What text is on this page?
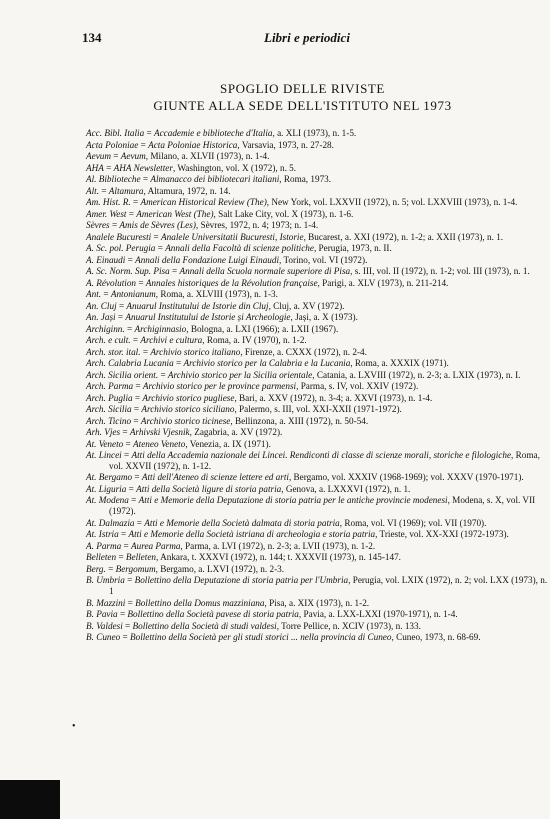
134	Libri e periodici
SPOGLIO DELLE RIVISTE
GIUNTE ALLA SEDE DELL'ISTITUTO NEL 1973
Acc. Bibl. Italia = Accademie e biblioteche d'Italia, a. XLI (1973), n. 1-5.
Acta Poloniae = Acta Poloniae Historica, Varsavia, 1973, n. 27-28.
Aevum = Aevum, Milano, a. XLVII (1973), n. 1-4.
AHA = AHA Newsletter, Washington, vol. X (1972), n. 5.
Al. Biblioteche = Almanacco dei bibliotecari italiani, Roma, 1973.
Alt. = Altamura, Altamura, 1972, n. 14.
Am. Hist. R. = American Historical Review (The), New York, vol. LXXVII (1972), n. 5; vol. LXXVIII (1973), n. 1-4.
Amer. West = American West (The), Salt Lake City, vol. X (1973), n. 1-6.
Sèvres = Amis de Sèvres (Les), Sèvres, 1972, n. 4; 1973; n. 1-4.
Analele Bucuresti = Analele Universitatii Bucuresti, Istorie, Bucarest, a. XXI (1972), n. 1-2; a. XXII (1973), n. 1.
A. Sc. pol. Perugia = Annali della Facoltà di scienze politiche, Perugia, 1973, n. II.
A. Einaudi = Annali della Fondazione Luigi Einaudi, Torino, vol. VI (1972).
A. Sc. Norm. Sup. Pisa = Annali della Scuola normale superiore di Pisa, s. III, vol. II (1972), n. 1-2; vol. III (1973), n. 1.
A. Révolution = Annales historiques de la Révolution française, Parigi, a. XLV (1973), n. 211-214.
Ant. = Antonianum, Roma, a. XLVIII (1973), n. 1-3.
An. Cluj = Anuarul Institutului de Istorie din Cluj, Cluj, a. XV (1972).
An. Jași = Anuarul Institutului de Istorie și Archeologie, Jași, a. X (1973).
Archiginn. = Archiginnasio, Bologna, a. LXI (1966); a. LXII (1967).
Arch. e cult. = Archivi e cultura, Roma, a. IV (1970), n. 1-2.
Arch. stor. ital. = Archivio storico italiano, Firenze, a. CXXX (1972), n. 2-4.
Arch. Calabria Lucania = Archivio storico per la Calabria e la Lucania, Roma, a. XXXIX (1971).
Arch. Sicilia orient. = Archivio storico per la Sicilia orientale, Catania, a. LXVIII (1972), n. 2-3; a. LXIX (1973), n. I.
Arch. Parma = Archivio storico per le province parmensi, Parma, s. IV, vol. XXIV (1972).
Arch. Puglia = Archivio storico pugliese, Bari, a. XXV (1972), n. 3-4; a. XXVI (1973), n. 1-4.
Arch. Sicilia = Archivio storico siciliano, Palermo, s. III, vol. XXI-XXII (1971-1972).
Arch. Ticino = Archivio storico ticinese, Bellinzona, a. XIII (1972), n. 50-54.
Arh. Vjes = Arhivski Vjesnik, Zagabria, a. XV (1972).
At. Veneto = Ateneo Veneto, Venezia, a. IX (1971).
At. Lincei = Atti della Accademia nazionale dei Lincei. Rendiconti di classe di scienze morali, storiche e filologiche, Roma, vol. XXVII (1972), n. 1-12.
At. Bergamo = Atti dell'Ateneo di scienze lettere ed arti, Bergamo, vol. XXXIV (1968-1969); vol. XXXV (1970-1971).
At. Liguria = Atti della Società ligure di storia patria, Genova, a. LXXXVI (1972), n. 1.
At. Modena = Atti e Memorie della Deputazione di storia patria per le antiche provincie modenesi, Modena, s. X, vol. VII (1972).
At. Dalmazia = Atti e Memorie della Società dalmata di storia patria, Roma, vol. VI (1969); vol. VII (1970).
At. Istria = Atti e Memorie della Società istriana di archeologia e storia patria, Trieste, vol. XX-XXI (1972-1973).
A. Parma = Aurea Parma, Parma, a. LVI (1972), n. 2-3; a. LVII (1973), n. 1-2.
Belleten = Belleten, Ankara, t. XXXVI (1972), n. 144; t. XXXVII (1973), n. 145-147.
Berg. = Bergomum, Bergamo, a. LXVI (1972), n. 2-3.
B. Umbria = Bollettino della Deputazione di storia patria per l'Umbria, Perugia, vol. LXIX (1972), n. 2; vol. LXX (1973), n. 1
B. Mazzini = Bollettino della Domus mazziniana, Pisa, a. XIX (1973), n. 1-2.
B. Pavia = Bollettino della Società pavese di storia patria, Pavia, a. LXX-LXXI (1970-1971), n. 1-4.
B. Valdesi = Bollettino della Società di studi valdesi, Torre Pellice, n. XCIV (1973), n. 133.
B. Cuneo = Bollettino della Società per gli studi storici ... nella provincia di Cuneo, Cuneo, 1973, n. 68-69.
•
